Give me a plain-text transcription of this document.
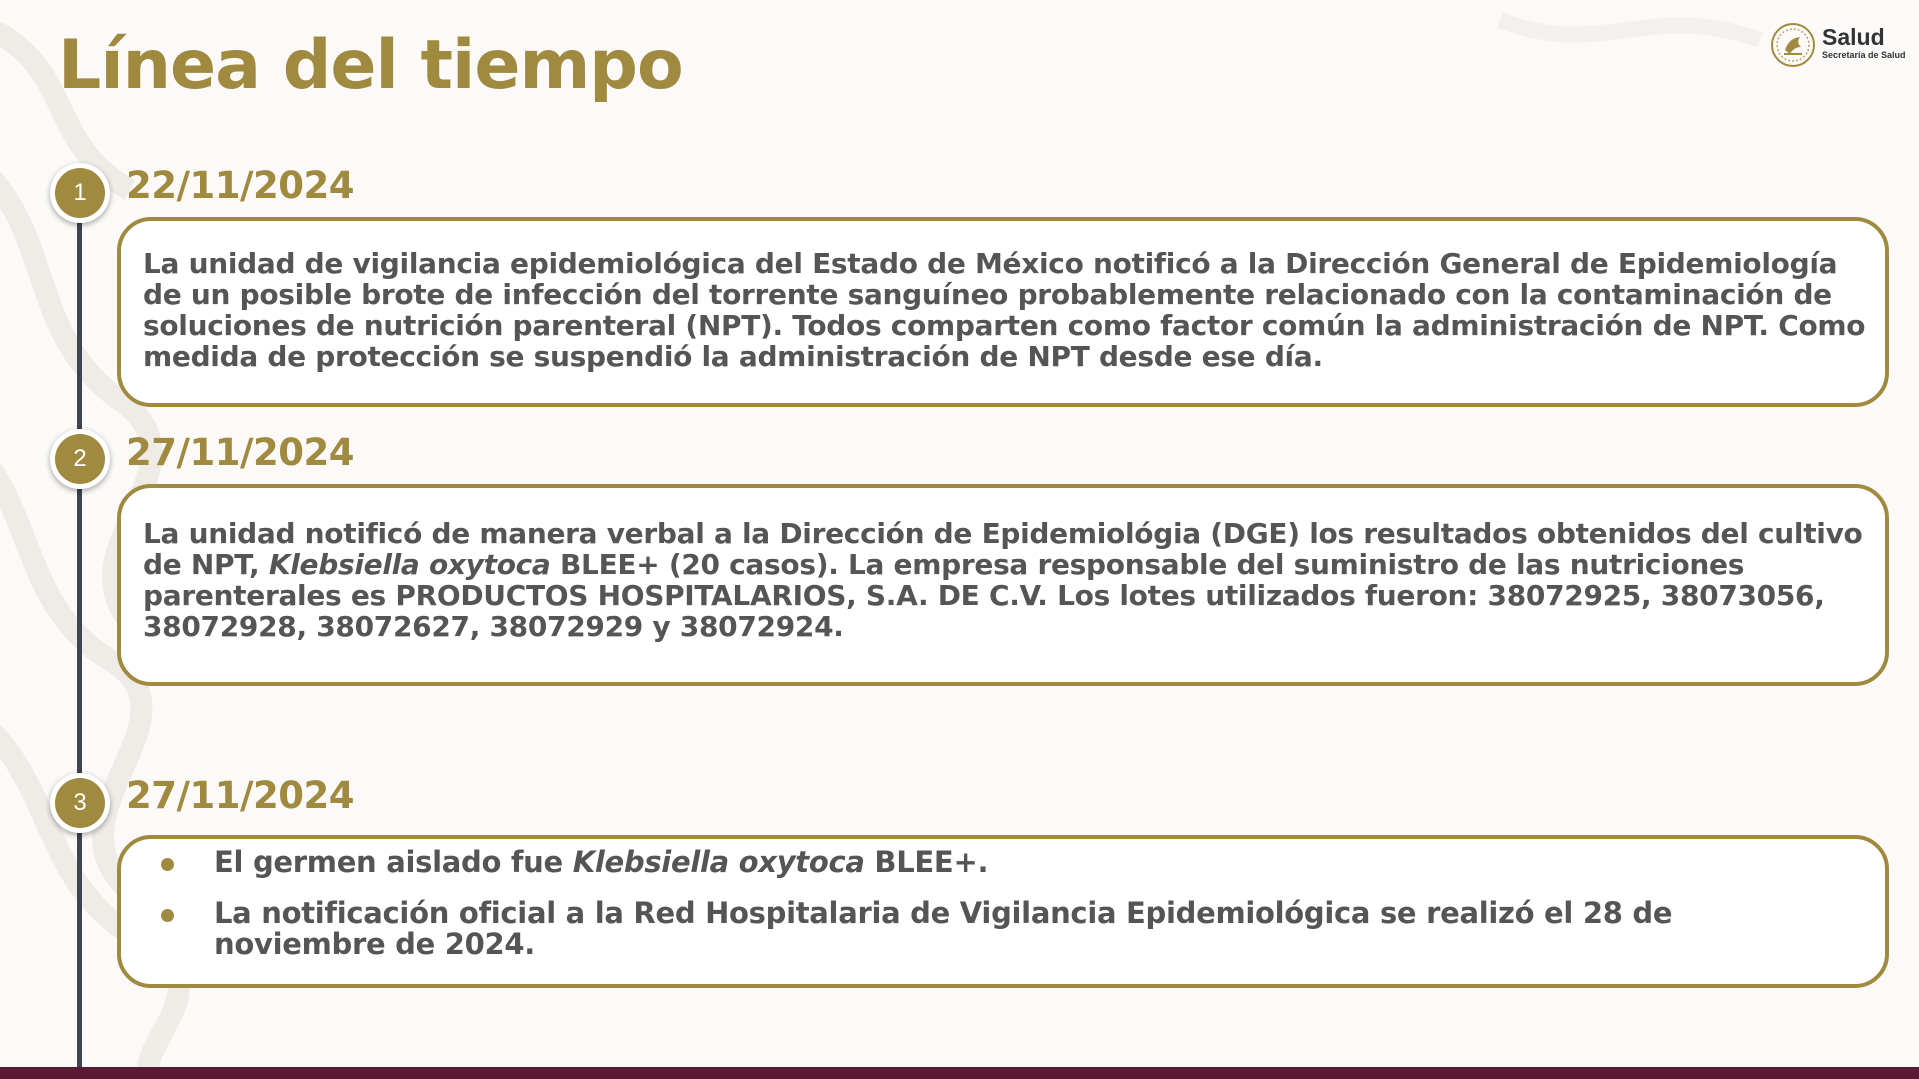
Línea del tiempo	Salud
Secretaría de Salud
1	22/11/2024

La unidad de vigilancia epidemiológica del Estado de México notificó a la Dirección General de Epidemiología de un posible brote de infección del torrente sanguíneo probablemente relacionado con la contaminación de soluciones de nutrición parenteral (NPT). Todos comparten como factor común la administración de NPT. Como medida de protección se suspendió la administración de NPT desde ese día.

2	27/11/2024

La unidad notificó de manera verbal a la Dirección de Epidemiológia (DGE) los resultados obtenidos del cultivo de NPT, Klebsiella oxytoca BLEE+ (20 casos). La empresa responsable del suministro de las nutriciones parenterales es PRODUCTOS HOSPITALARIOS, S.A. DE C.V. Los lotes utilizados fueron: 38072925, 38073056, 38072928, 38072627, 38072929 y 38072924.

3	27/11/2024
El germen aislado fue Klebsiella oxytoca BLEE+.
La notificación oficial a la Red Hospitalaria de Vigilancia Epidemiológica se realizó el 28 de noviembre de 2024.
